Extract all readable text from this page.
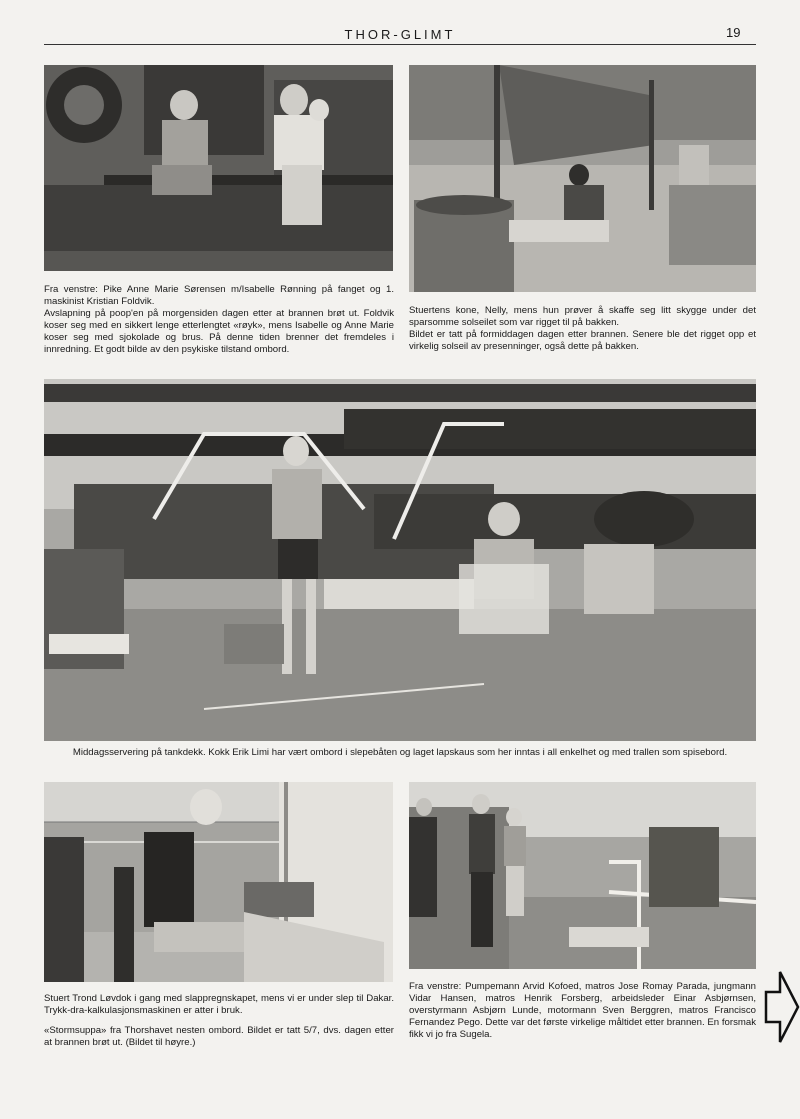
THOR-GLIMT	19

Fra venstre: Pike Anne Marie Sørensen m/Isabelle Rønning på fanget og 1. maskinist Kristian Foldvik.

Avslapning på poop'en på morgensiden dagen etter at brannen brøt ut. Foldvik koser seg med en sikkert lenge etterlengtet «røyk», mens Isabelle og Anne Marie koser seg med sjokolade og brus. På denne tiden brenner det fremdeles i innredning. Et godt bilde av den psykiske tilstand ombord.

Stuertens kone, Nelly, mens hun prøver å skaffe seg litt skygge under det sparsomme solseilet som var rigget til på bakken.

Bildet er tatt på formiddagen dagen etter brannen. Senere ble det rigget opp et virkelig solseil av presenninger, også dette på bakken.

Middagsservering på tankdekk. Kokk Erik Limi har vært ombord i slepebåten og laget lapskaus som her inntas i all enkelhet og med trallen som spisebord.

Stuert Trond Løvdok i gang med slappregnskapet, mens vi er under slep til Dakar. Trykk-dra-kalkulasjonsmaskinen er atter i bruk.

«Stormsuppa» fra Thorshavet nesten ombord. Bildet er tatt 5/7, dvs. dagen etter at brannen brøt ut. (Bildet til høyre.)

Fra venstre: Pumpemann Arvid Kofoed, matros Jose Romay Parada, jungmann Vidar Hansen, matros Henrik Forsberg, arbeidsleder Einar Asbjørnsen, overstyrmann Asbjørn Lunde, motormann Sven Berggren, matros Francisco Fernandez Pego. Dette var det første virkelige måltidet etter brannen. En forsmak fikk vi jo fra Sugela.
